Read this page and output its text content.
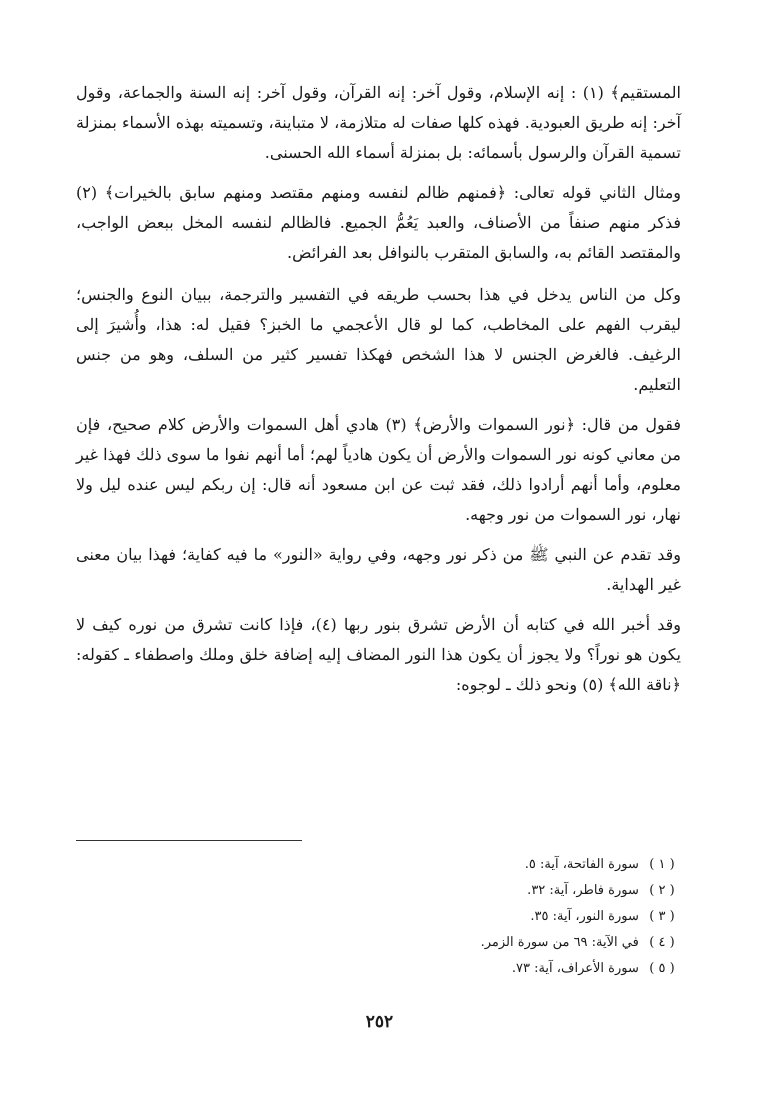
المستقيم﴾ (١) : إنه الإسلام، وقول آخر: إنه القرآن، وقول آخر: إنه السنة والجماعة، وقول آخر: إنه طريق العبودية. فهذه كلها صفات له متلازمة، لا متباينة، وتسميته بهذه الأسماء بمنزلة تسمية القرآن والرسول بأسمائه: بل بمنزلة أسماء الله الحسنى.

ومثال الثاني قوله تعالى: ﴿فمنهم ظالم لنفسه ومنهم مقتصد ومنهم سابق بالخيرات﴾ (٢) فذكر منهم صنفاً من الأصناف، والعبد يَعُمُّ الجميع. فالظالم لنفسه المخل ببعض الواجب، والمقتصد القائم به، والسابق المتقرب بالنوافل بعد الفرائض.

وكل من الناس يدخل في هذا بحسب طريقه في التفسير والترجمة، ببيان النوع والجنس؛ ليقرب الفهم على المخاطب، كما لو قال الأعجمي ما الخبز؟ فقيل له: هذا، وأُشيرَ إلى الرغيف. فالغرض الجنس لا هذا الشخص فهكذا تفسير كثير من السلف، وهو من جنس التعليم.

فقول من قال: ﴿نور السموات والأرض﴾ (٣) هادي أهل السموات والأرض كلام صحيح، فإن من معاني كونه نور السموات والأرض أن يكون هادياً لهم؛ أما أنهم نفوا ما سوى ذلك فهذا غير معلوم، وأما أنهم أرادوا ذلك، فقد ثبت عن ابن مسعود أنه قال: إن ربكم ليس عنده ليل ولا نهار، نور السموات من نور وجهه.

وقد تقدم عن النبي ﷺ من ذكر نور وجهه، وفي رواية «النور» ما فيه كفاية؛ فهذا بيان معنى غير الهداية.

وقد أخبر الله في كتابه أن الأرض تشرق بنور ربها (٤)، فإذا كانت تشرق من نوره كيف لا يكون هو نوراً؟ ولا يجوز أن يكون هذا النور المضاف إليه إضافة خلق وملك واصطفاء ـ كقوله: ﴿ناقة الله﴾ (٥) ونحو ذلك ـ لوجوه:

( ١ ) سورة الفاتحة، آية: ٥.
( ٢ ) سورة فاطر، آية: ٣٢.
( ٣ ) سورة النور، آية: ٣٥.
( ٤ ) في الآية: ٦٩ من سورة الزمر.
( ٥ ) سورة الأعراف، آية: ٧٣.
٢٥٢
